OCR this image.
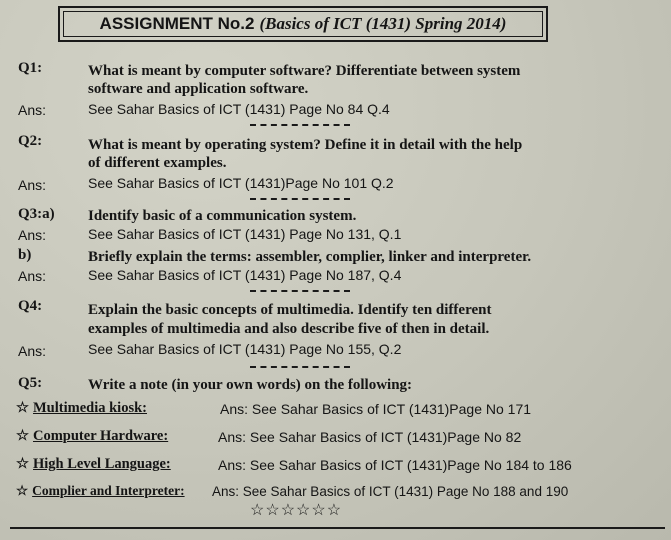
ASSIGNMENT No.2 (Basics of ICT (1431) Spring 2014)
Q1:	What is meant by computer software? Differentiate between system
software and application software.
Ans:	See Sahar Basics of ICT (1431) Page No 84 Q.4
Q2:	What is meant by operating system? Define it in detail with the help
of different examples.
Ans:	See Sahar Basics of ICT (1431)Page No 101 Q.2
Q3:a) Identify basic of a communication system.
Ans:	See Sahar Basics of ICT (1431) Page No 131, Q.1
b)	Briefly explain the terms: assembler, complier, linker and interpreter.
Ans:	See Sahar Basics of ICT (1431) Page No 187, Q.4
Q4:	Explain the basic concepts of multimedia. Identify ten different
examples of multimedia and also describe five of then in detail.
Ans:	See Sahar Basics of ICT (1431) Page No 155, Q.2
Q5:	Write a note (in your own words) on the following:
☆ Multimedia kiosk:	Ans: See Sahar Basics of ICT (1431)Page No 171
☆ Computer Hardware:	Ans: See Sahar Basics of ICT (1431)Page No 82
☆ High Level Language:	Ans: See Sahar Basics of ICT (1431)Page No 184 to 186
☆ Complier and Interpreter: Ans: See Sahar Basics of ICT (1431) Page No 188 and 190
☆☆☆☆☆☆
